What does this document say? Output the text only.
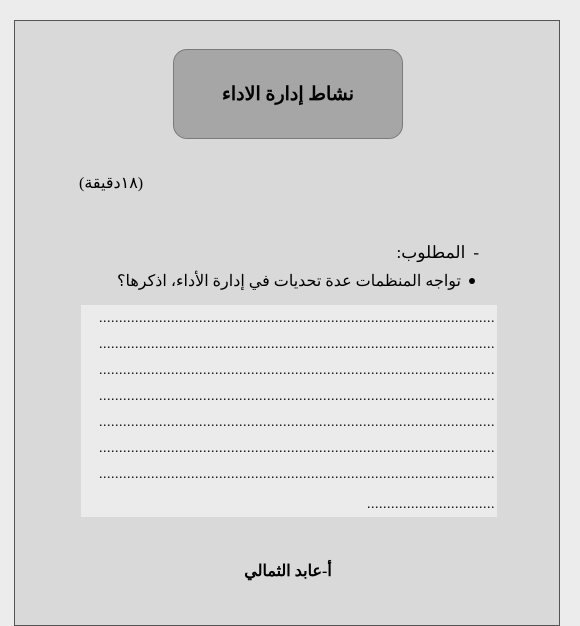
نشاط إدارة الاداء
(١٨دقيقة)
-
المطلوب:
تواجه المنظمات عدة تحديات في إدارة الأداء، اذكرها؟
...................................................................................................
...................................................................................................
...................................................................................................
...................................................................................................
...................................................................................................
...................................................................................................
...................................................................................................
................................
أ-عابد الثمالي
